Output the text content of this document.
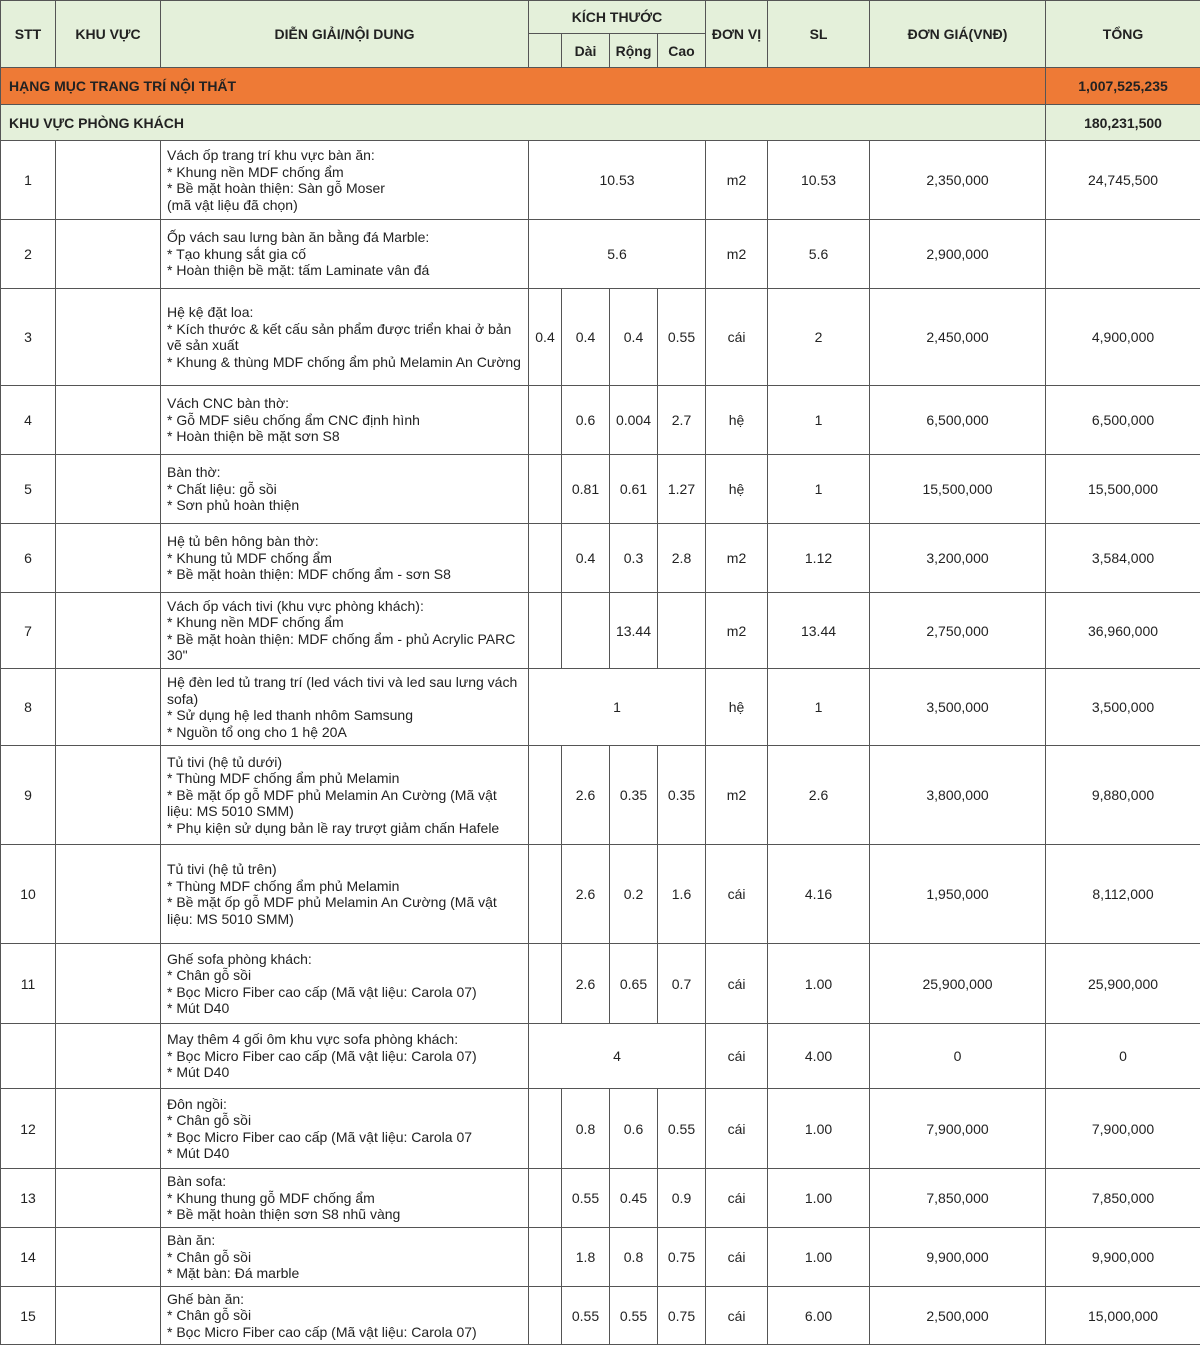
STT	KHU VỰC	DIỄN GIẢI/NỘI DUNG	KÍCH THƯỚC				ĐƠN VỊ	SL	ĐƠN GIÁ(VNĐ)	TỔNG
				Dài	Rộng	Cao				
HẠNG MỤC TRANG TRÍ NỘI THẤT										1,007,525,235
KHU VỰC PHÒNG KHÁCH										180,231,500
1		Vách ốp trang trí khu vực bàn ăn:
* Khung nền MDF chống ẩm
* Bề mặt hoàn thiện: Sàn gỗ Moser
(mã vật liệu đã chọn)	10.53				m2	10.53	2,350,000	24,745,500
2		Ốp vách sau lưng bàn ăn bằng đá Marble:
* Tạo khung sắt gia cố
* Hoàn thiện bề mặt: tấm Laminate vân đá	5.6				m2	5.6	2,900,000	
3		Hệ kệ đặt loa:
* Kích thước & kết cấu sản phẩm được triển khai ở bản vẽ sản xuất
* Khung & thùng MDF chống ẩm phủ Melamin An Cường	0.4	0.4	0.4	0.55	cái	2	2,450,000	4,900,000
4		Vách CNC bàn thờ:
* Gỗ MDF siêu chống ẩm CNC định hình
* Hoàn thiện bề mặt sơn S8		0.6	0.004	2.7	hệ	1	6,500,000	6,500,000
5		Bàn thờ:
* Chất liệu: gỗ sồi
* Sơn phủ hoàn thiện		0.81	0.61	1.27	hệ	1	15,500,000	15,500,000
6		Hệ tủ bên hông bàn thờ:
* Khung tủ MDF chống ẩm
* Bề mặt hoàn thiện: MDF chống ẩm - sơn S8		0.4	0.3	2.8	m2	1.12	3,200,000	3,584,000
7		Vách ốp vách tivi (khu vực phòng khách):
* Khung nền MDF chống ẩm
* Bề mặt hoàn thiện: MDF chống ẩm - phủ Acrylic PARC 30"			13.44		m2	13.44	2,750,000	36,960,000
8		Hệ đèn led tủ trang trí (led vách tivi và led sau lưng vách sofa)
* Sử dụng hệ led thanh nhôm Samsung
* Nguồn tổ ong cho 1 hệ 20A	1				hệ	1	3,500,000	3,500,000
9		Tủ tivi (hệ tủ dưới)
* Thùng MDF chống ẩm phủ Melamin
* Bề mặt ốp gỗ MDF phủ Melamin An Cường (Mã vật liệu: MS 5010 SMM)
* Phụ kiện sử dụng bản lề ray trượt giảm chấn Hafele		2.6	0.35	0.35	m2	2.6	3,800,000	9,880,000
10		Tủ tivi (hệ tủ trên)
* Thùng MDF chống ẩm phủ Melamin
* Bề mặt ốp gỗ MDF phủ Melamin An Cường (Mã vật liệu: MS 5010 SMM)		2.6	0.2	1.6	cái	4.16	1,950,000	8,112,000
11		Ghế sofa phòng khách:
* Chân gỗ sồi
* Bọc Micro Fiber cao cấp (Mã vật liệu: Carola 07)
* Mút D40		2.6	0.65	0.7	cái	1.00	25,900,000	25,900,000
		May thêm 4 gối ôm khu vực sofa phòng khách:
* Bọc Micro Fiber cao cấp (Mã vật liệu: Carola 07)
* Mút D40	4				cái	4.00	0	0
12		Đôn ngồi:
* Chân gỗ sồi
* Bọc Micro Fiber cao cấp (Mã vật liệu: Carola 07
* Mút D40		0.8	0.6	0.55	cái	1.00	7,900,000	7,900,000
13		Bàn sofa:
* Khung thung gỗ MDF chống ẩm
* Bề mặt hoàn thiện sơn S8 nhũ vàng		0.55	0.45	0.9	cái	1.00	7,850,000	7,850,000
14		Bàn ăn:
* Chân gỗ sồi
* Mặt bàn: Đá marble		1.8	0.8	0.75	cái	1.00	9,900,000	9,900,000
15		Ghế bàn ăn:
* Chân gỗ sồi
* Bọc Micro Fiber cao cấp (Mã vật liệu: Carola 07)		0.55	0.55	0.75	cái	6.00	2,500,000	15,000,000
